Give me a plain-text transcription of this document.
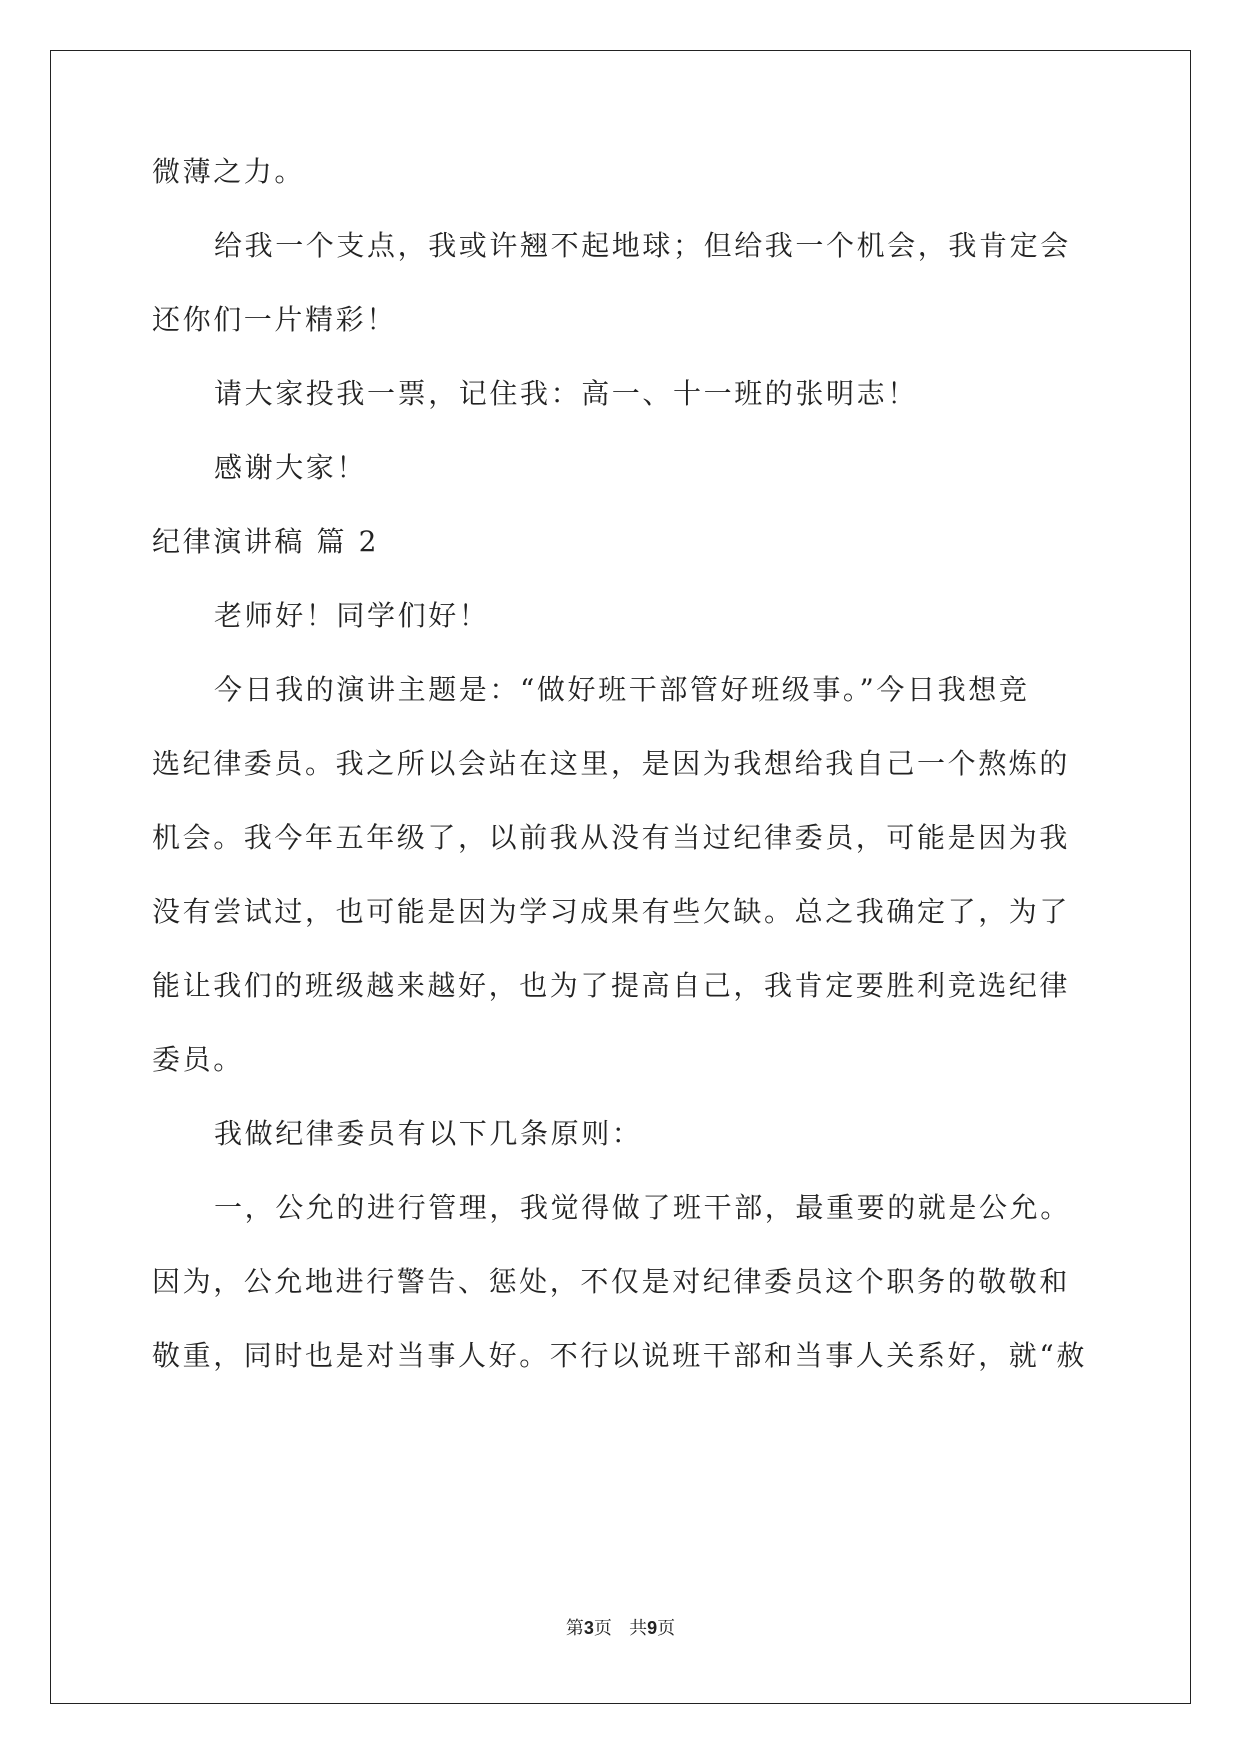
微薄之力。
给我一个支点，我或许翘不起地球；但给我一个机会，我肯定会
还你们一片精彩！
请大家投我一票，记住我：高一、十一班的张明志！
感谢大家！
纪律演讲稿 篇 2
老师好！同学们好！
今日我的演讲主题是：“做好班干部管好班级事。”今日我想竞
选纪律委员。我之所以会站在这里，是因为我想给我自己一个熬炼的
机会。我今年五年级了，以前我从没有当过纪律委员，可能是因为我
没有尝试过，也可能是因为学习成果有些欠缺。总之我确定了，为了
能让我们的班级越来越好，也为了提高自己，我肯定要胜利竞选纪律
委员。
我做纪律委员有以下几条原则：
一，公允的进行管理，我觉得做了班干部，最重要的就是公允。
因为，公允地进行警告、惩处，不仅是对纪律委员这个职务的敬敬和
敬重，同时也是对当事人好。不行以说班干部和当事人关系好，就“赦
第3页 共9页
